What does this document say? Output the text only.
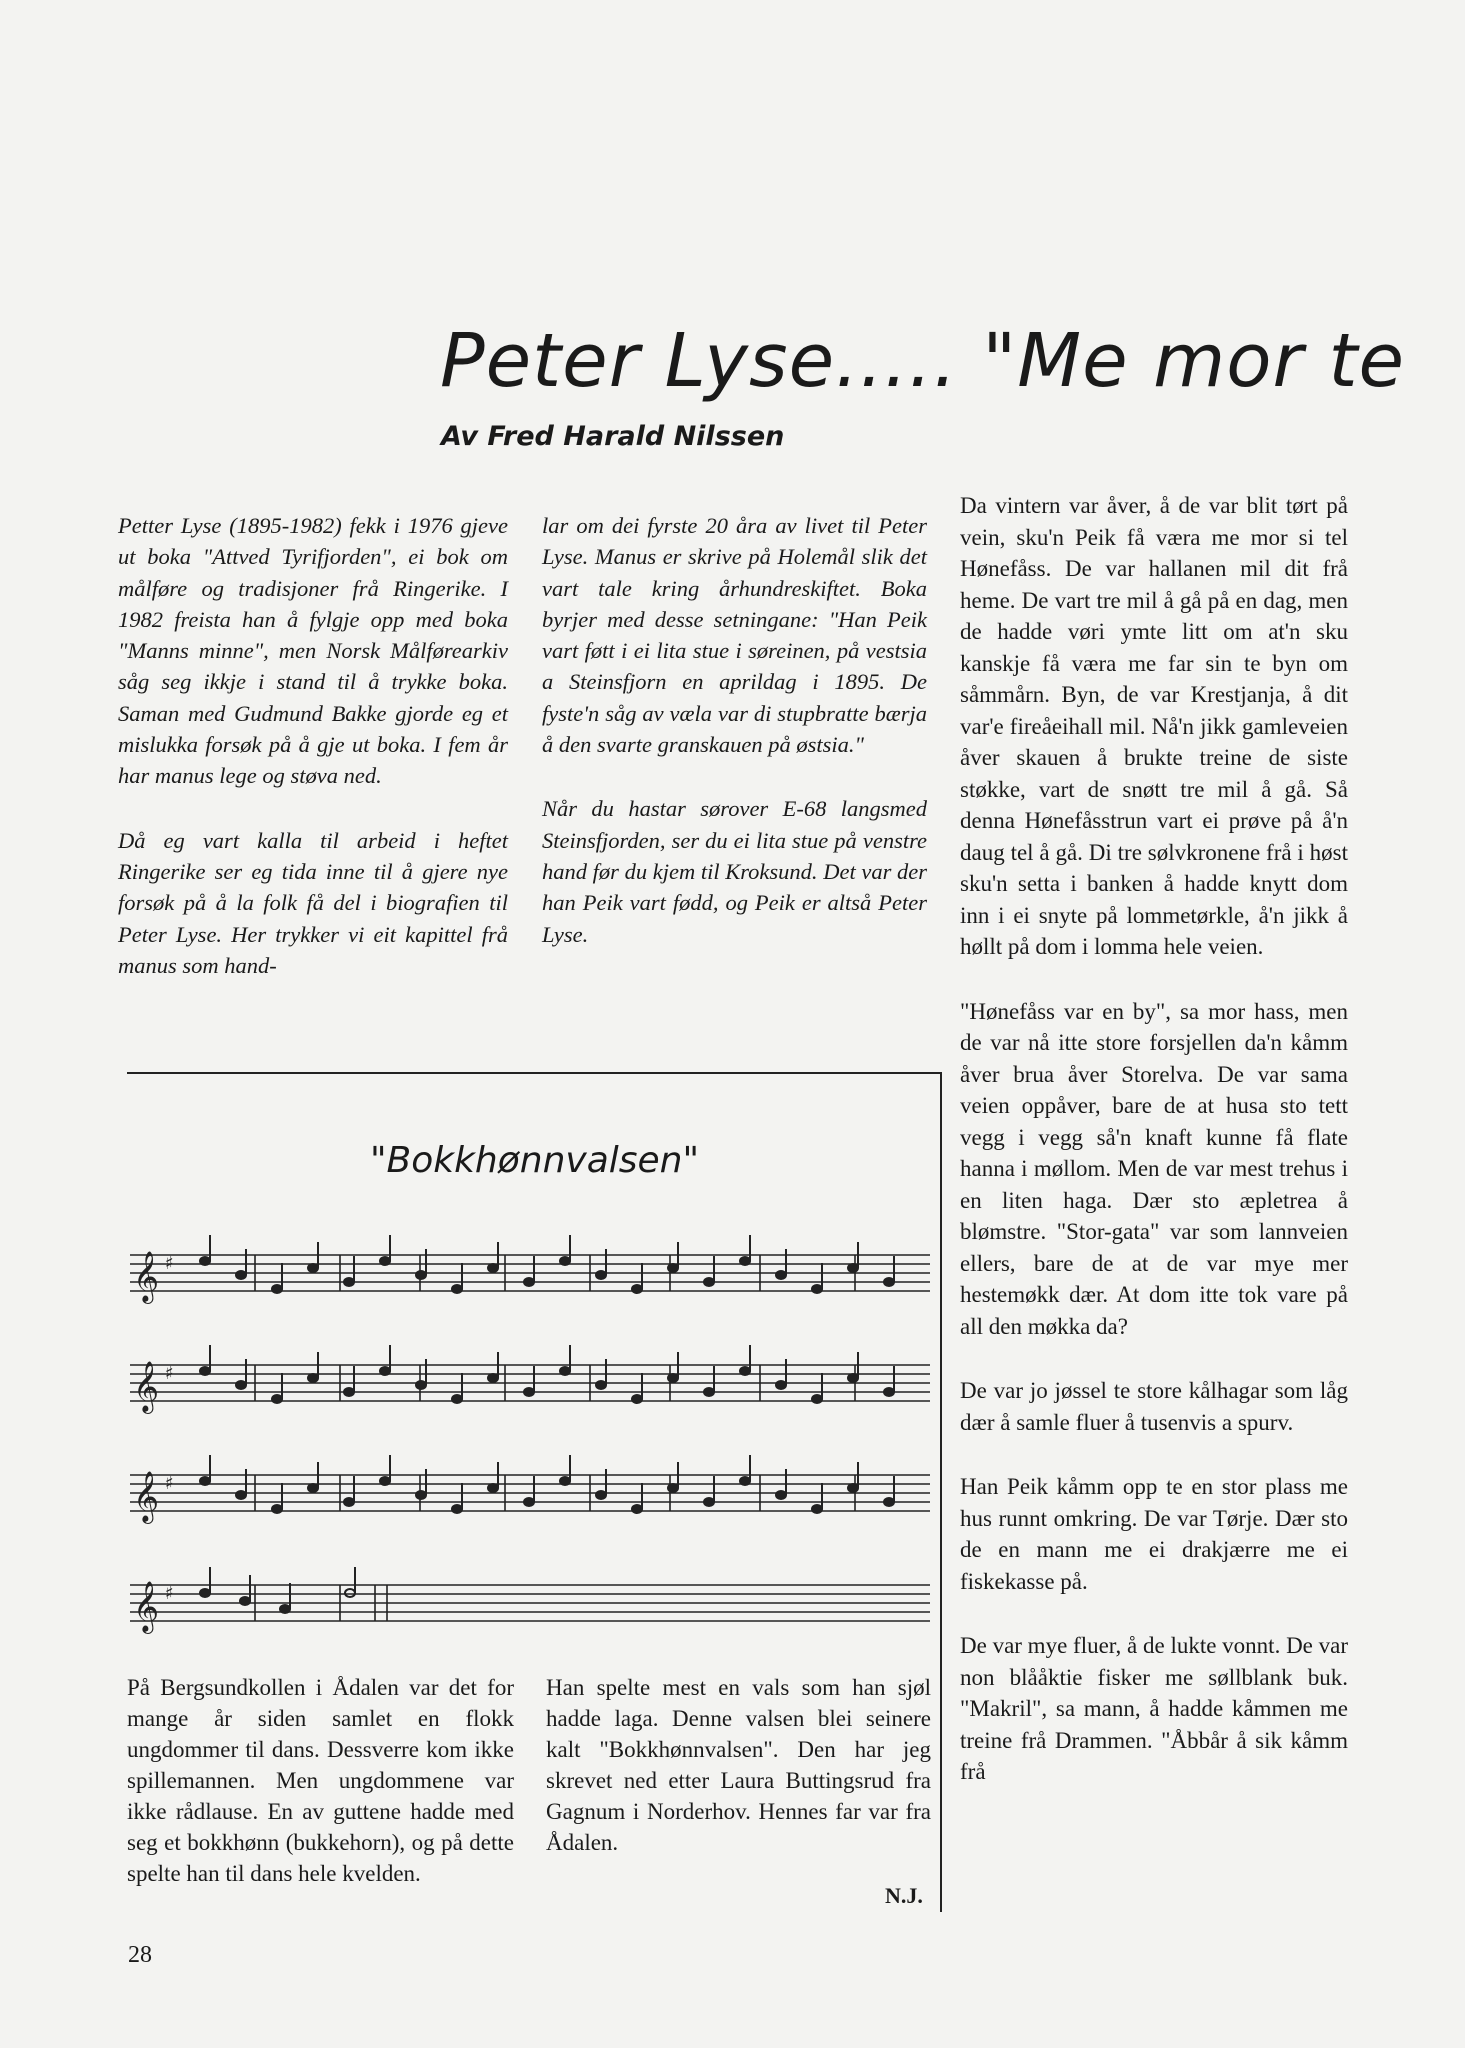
Peter Lyse..... "Me mor te
Av Fred Harald Nilssen

Petter Lyse (1895-1982) fekk i 1976 gjeve ut boka "Attved Tyrifjorden", ei bok om målføre og tradisjoner frå Ringerike. I 1982 freista han å fylgje opp med boka "Manns minne", men Norsk Målførearkiv såg seg ikkje i stand til å trykke boka. Saman med Gudmund Bakke gjorde eg et mislukka forsøk på å gje ut boka. I fem år har manus lege og støva ned.

Då eg vart kalla til arbeid i heftet Ringerike ser eg tida inne til å gjere nye forsøk på å la folk få del i biografien til Peter Lyse. Her trykker vi eit kapittel frå manus som hand-

lar om dei fyrste 20 åra av livet til Peter Lyse. Manus er skrive på Holemål slik det vart tale kring århundreskiftet. Boka byrjer med desse setningane: "Han Peik vart føtt i ei lita stue i søreinen, på vestsia a Steinsfjorn en aprildag i 1895. De fyste'n såg av væla var di stupbratte bærja å den svarte granskauen på østsia."

Når du hastar sørover E-68 langsmed Steinsfjorden, ser du ei lita stue på venstre hand før du kjem til Kroksund. Det var der han Peik vart fødd, og Peik er altså Peter Lyse.

Da vintern var åver, å de var blit tørt på vein, sku'n Peik få væra me mor si tel Hønefåss. De var hallanen mil dit frå heme. De vart tre mil å gå på en dag, men de hadde vøri ymte litt om at'n sku kanskje få væra me far sin te byn om såmmårn. Byn, de var Krestjanja, å dit var'e fireåeihall mil. Nå'n jikk gamleveien åver skauen å brukte treine de siste støkke, vart de snøtt tre mil å gå. Så denna Hønefåsstrun vart ei prøve på å'n daug tel å gå. Di tre sølvkronene frå i høst sku'n setta i banken å hadde knytt dom inn i ei snyte på lommetørkle, å'n jikk å høllt på dom i lomma hele veien.

"Hønefåss var en by", sa mor hass, men de var nå itte store forsjellen da'n kåmm åver brua åver Storelva. De var sama veien oppåver, bare de at husa sto tett vegg i vegg så'n knaft kunne få flate hanna i møllom. Men de var mest trehus i en liten haga. Dær sto æpletrea å blømstre. "Stor-gata" var som lannveien ellers, bare de at de var mye mer hestemøkk dær. At dom itte tok vare på all den møkka da?

De var jo jøssel te store kålhagar som låg dær å samle fluer å tusenvis a spurv.

Han Peik kåmm opp te en stor plass me hus runnt omkring. De var Tørje. Dær sto de en mann me ei drakjærre me ei fiskekasse på.

De var mye fluer, å de lukte vonnt. De var non blååktie fisker me søllblank buk. "Makril", sa mann, å hadde kåmmen me treine frå Drammen. "Åbbår å sik kåmm frå

"Bokkhønnvalsen"
𝄞 ♯
𝄞 ♯
𝄞 ♯
𝄞 ♯

På Bergsundkollen i Ådalen var det for mange år siden samlet en flokk ungdommer til dans. Dessverre kom ikke spillemannen. Men ungdommene var ikke rådlause. En av guttene hadde med seg et bokkhønn (bukkehorn), og på dette spelte han til dans hele kvelden.

Han spelte mest en vals som han sjøl hadde laga. Denne valsen blei seinere kalt "Bokkhønnvalsen". Den har jeg skrevet ned etter Laura Buttingsrud fra Gagnum i Norderhov. Hennes far var fra Ådalen.

N.J.
28
